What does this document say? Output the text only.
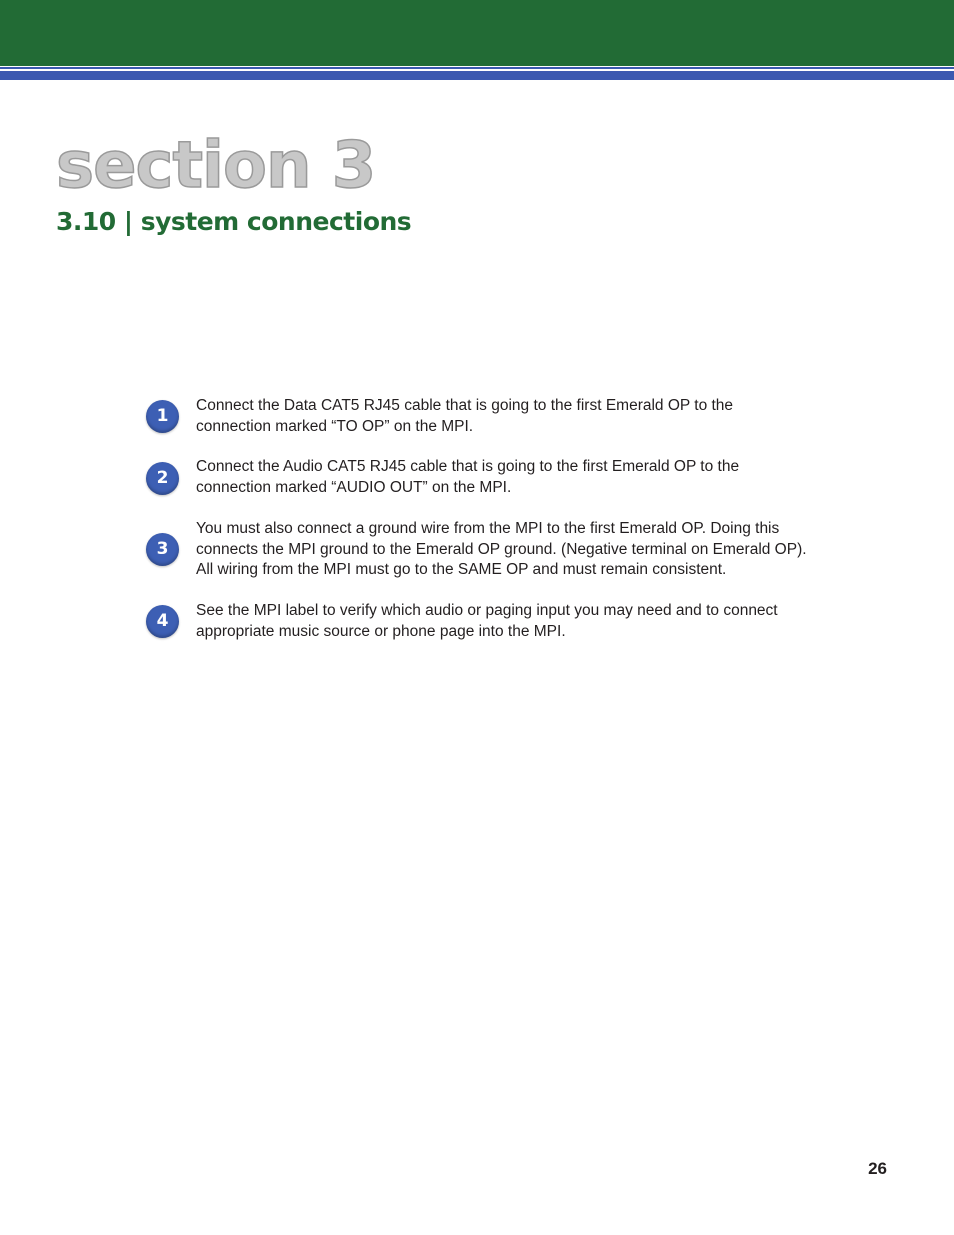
section 3
3.10 | system connections
1
Connect the Data CAT5 RJ45 cable that is going to the first Emerald OP to the
connection marked “TO OP” on the MPI.
2
Connect the Audio CAT5 RJ45 cable that is going to the first Emerald OP to the
connection marked “AUDIO OUT” on the MPI.
3
You must also connect a ground wire from the MPI to the first Emerald OP. Doing this
connects the MPI ground to the Emerald OP ground. (Negative terminal on Emerald OP).
All wiring from the MPI must go to the SAME OP and must remain consistent.
4
See the MPI label to verify which audio or paging input you may need and to connect
appropriate music source or phone page into the MPI.
26
